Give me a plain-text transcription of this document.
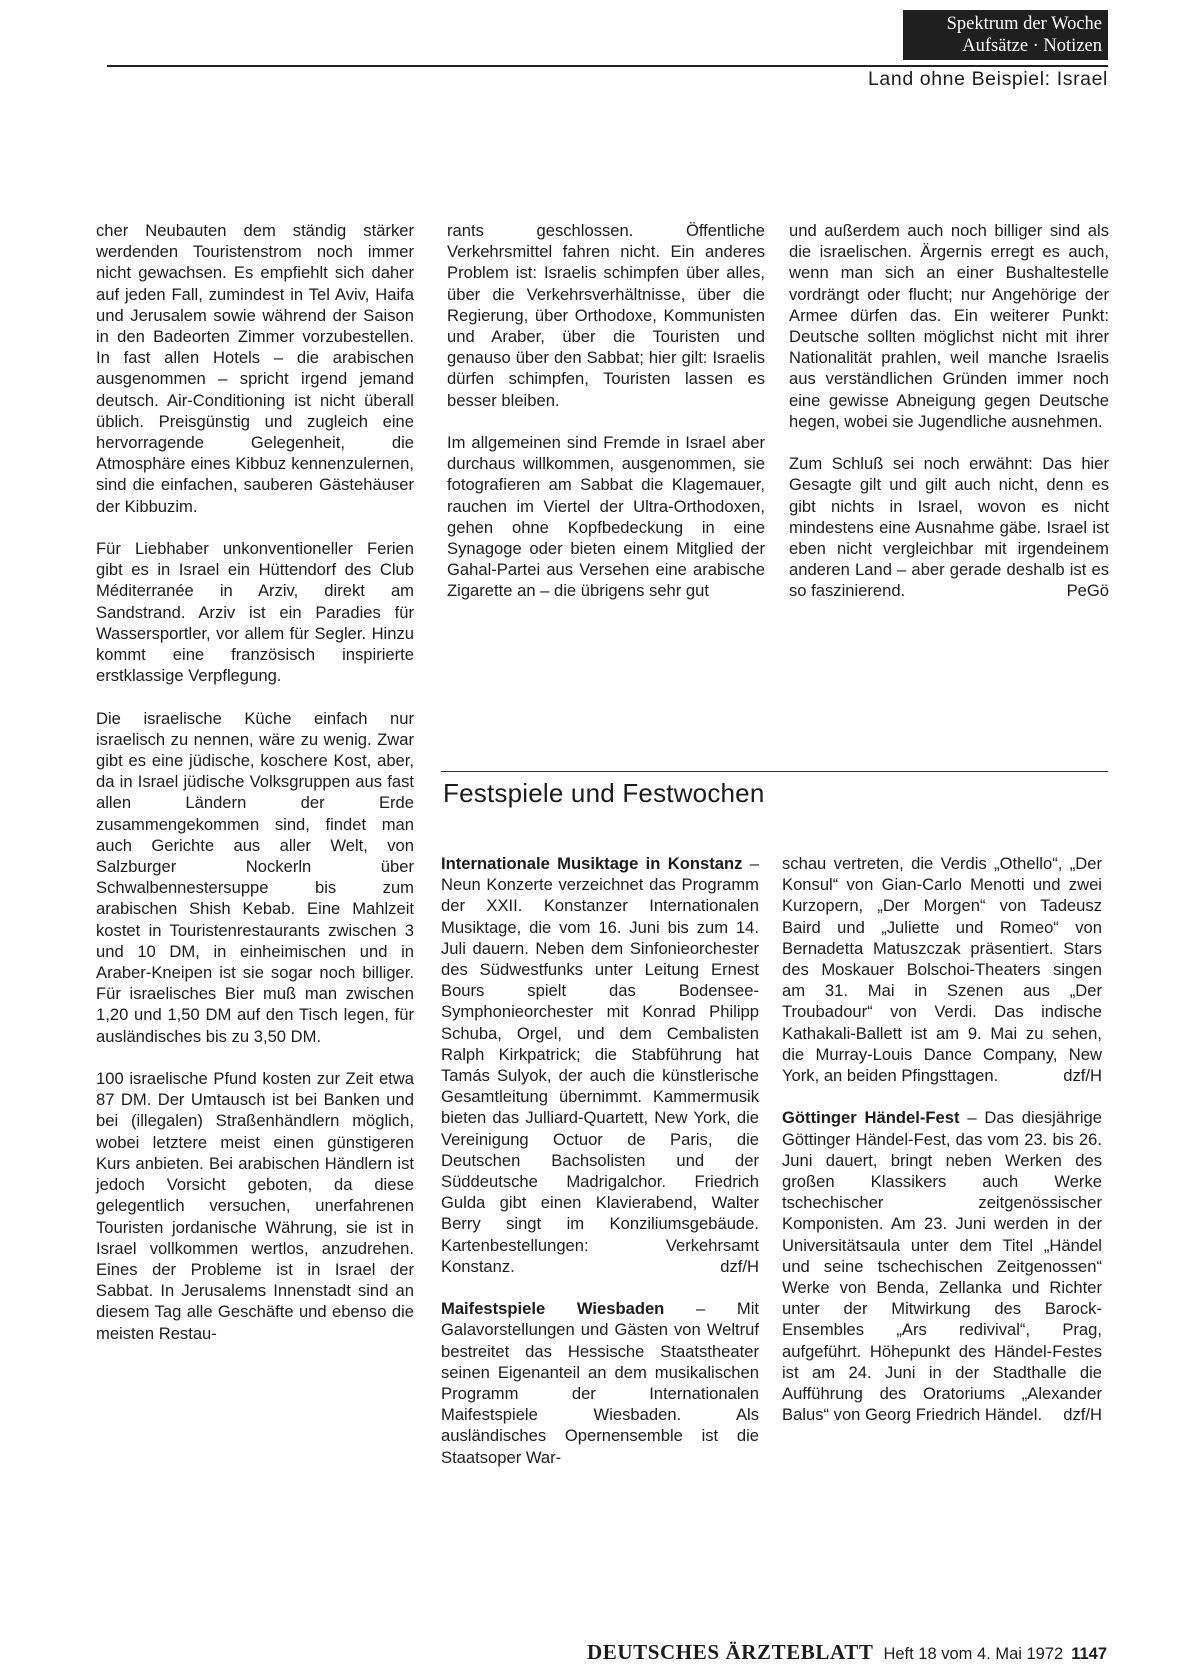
Spektrum der Woche
Aufsätze · Notizen
Land ohne Beispiel: Israel

cher Neubauten dem ständig stärker werdenden Touristenstrom noch immer nicht gewachsen. Es empfiehlt sich daher auf jeden Fall, zumindest in Tel Aviv, Haifa und Jerusalem sowie während der Saison in den Badeorten Zimmer vorzubestellen. In fast allen Hotels – die arabischen ausgenommen – spricht irgend jemand deutsch. Air-Conditioning ist nicht überall üblich. Preisgünstig und zugleich eine hervorragende Gelegenheit, die Atmosphäre eines Kibbuz kennenzulernen, sind die einfachen, sauberen Gästehäuser der Kibbuzim.

Für Liebhaber unkonventioneller Ferien gibt es in Israel ein Hüttendorf des Club Méditerranée in Arziv, direkt am Sandstrand. Arziv ist ein Paradies für Wassersportler, vor allem für Segler. Hinzu kommt eine französisch inspirierte erstklassige Verpflegung.

Die israelische Küche einfach nur israelisch zu nennen, wäre zu wenig. Zwar gibt es eine jüdische, koschere Kost, aber, da in Israel jüdische Volksgruppen aus fast allen Ländern der Erde zusammengekommen sind, findet man auch Gerichte aus aller Welt, von Salzburger Nockerln über Schwalbennestersuppe bis zum arabischen Shish Kebab. Eine Mahlzeit kostet in Touristenrestaurants zwischen 3 und 10 DM, in einheimischen und in Araber-Kneipen ist sie sogar noch billiger. Für israelisches Bier muß man zwischen 1,20 und 1,50 DM auf den Tisch legen, für ausländisches bis zu 3,50 DM.

100 israelische Pfund kosten zur Zeit etwa 87 DM. Der Umtausch ist bei Banken und bei (illegalen) Straßenhändlern möglich, wobei letztere meist einen günstigeren Kurs anbieten. Bei arabischen Händlern ist jedoch Vorsicht geboten, da diese gelegentlich versuchen, unerfahrenen Touristen jordanische Währung, sie ist in Israel vollkommen wertlos, anzudrehen. Eines der Probleme ist in Israel der Sabbat. In Jerusalems Innenstadt sind an diesem Tag alle Geschäfte und ebenso die meisten Restau-

rants geschlossen. Öffentliche Verkehrsmittel fahren nicht. Ein anderes Problem ist: Israelis schimpfen über alles, über die Verkehrsverhältnisse, über die Regierung, über Orthodoxe, Kommunisten und Araber, über die Touristen und genauso über den Sabbat; hier gilt: Israelis dürfen schimpfen, Touristen lassen es besser bleiben.

Im allgemeinen sind Fremde in Israel aber durchaus willkommen, ausgenommen, sie fotografieren am Sabbat die Klagemauer, rauchen im Viertel der Ultra-Orthodoxen, gehen ohne Kopfbedeckung in eine Synagoge oder bieten einem Mitglied der Gahal-Partei aus Versehen eine arabische Zigarette an – die übrigens sehr gut

und außerdem auch noch billiger sind als die israelischen. Ärgernis erregt es auch, wenn man sich an einer Bushaltestelle vordrängt oder flucht; nur Angehörige der Armee dürfen das. Ein weiterer Punkt: Deutsche sollten möglichst nicht mit ihrer Nationalität prahlen, weil manche Israelis aus verständlichen Gründen immer noch eine gewisse Abneigung gegen Deutsche hegen, wobei sie Jugendliche ausnehmen.

Zum Schluß sei noch erwähnt: Das hier Gesagte gilt und gilt auch nicht, denn es gibt nichts in Israel, wovon es nicht mindestens eine Ausnahme gäbe. Israel ist eben nicht vergleichbar mit irgendeinem anderen Land – aber gerade deshalb ist es so faszinierend.	PeGö

Festspiele und Festwochen

Internationale Musiktage in Konstanz – Neun Konzerte verzeichnet das Programm der XXII. Konstanzer Internationalen Musiktage, die vom 16. Juni bis zum 14. Juli dauern. Neben dem Sinfonieorchester des Südwestfunks unter Leitung Ernest Bours spielt das Bodensee-Symphonieorchester mit Konrad Philipp Schuba, Orgel, und dem Cembalisten Ralph Kirkpatrick; die Stabführung hat Tamás Sulyok, der auch die künstlerische Gesamtleitung übernimmt. Kammermusik bieten das Julliard-Quartett, New York, die Vereinigung Octuor de Paris, die Deutschen Bachsolisten und der Süddeutsche Madrigalchor. Friedrich Gulda gibt einen Klavierabend, Walter Berry singt im Konziliumsgebäude. Kartenbestellungen: Verkehrsamt Konstanz.	dzf/H

Maifestspiele Wiesbaden – Mit Galavorstellungen und Gästen von Weltruf bestreitet das Hessische Staatstheater seinen Eigenanteil an dem musikalischen Programm der Internationalen Maifestspiele Wiesbaden. Als ausländisches Opernensemble ist die Staatsoper War-

schau vertreten, die Verdis „Othello“, „Der Konsul“ von Gian-Carlo Menotti und zwei Kurzopern, „Der Morgen“ von Tadeusz Baird und „Juliette und Romeo“ von Bernadetta Matuszczak präsentiert. Stars des Moskauer Bolschoi-Theaters singen am 31. Mai in Szenen aus „Der Troubadour“ von Verdi. Das indische Kathakali-Ballett ist am 9. Mai zu sehen, die Murray-Louis Dance Company, New York, an beiden Pfingsttagen.	dzf/H

Göttinger Händel-Fest – Das diesjährige Göttinger Händel-Fest, das vom 23. bis 26. Juni dauert, bringt neben Werken des großen Klassikers auch Werke tschechischer zeitgenössischer Komponisten. Am 23. Juni werden in der Universitätsaula unter dem Titel „Händel und seine tschechischen Zeitgenossen“ Werke von Benda, Zellanka und Richter unter der Mitwirkung des Barock-Ensembles „Ars redivival“, Prag, aufgeführt. Höhepunkt des Händel-Festes ist am 24. Juni in der Stadthalle die Aufführung des Oratoriums „Alexander Balus“ von Georg Friedrich Händel. dzf/H

DEUTSCHES ÄRZTEBLATT Heft 18 vom 4. Mai 1972 1147
